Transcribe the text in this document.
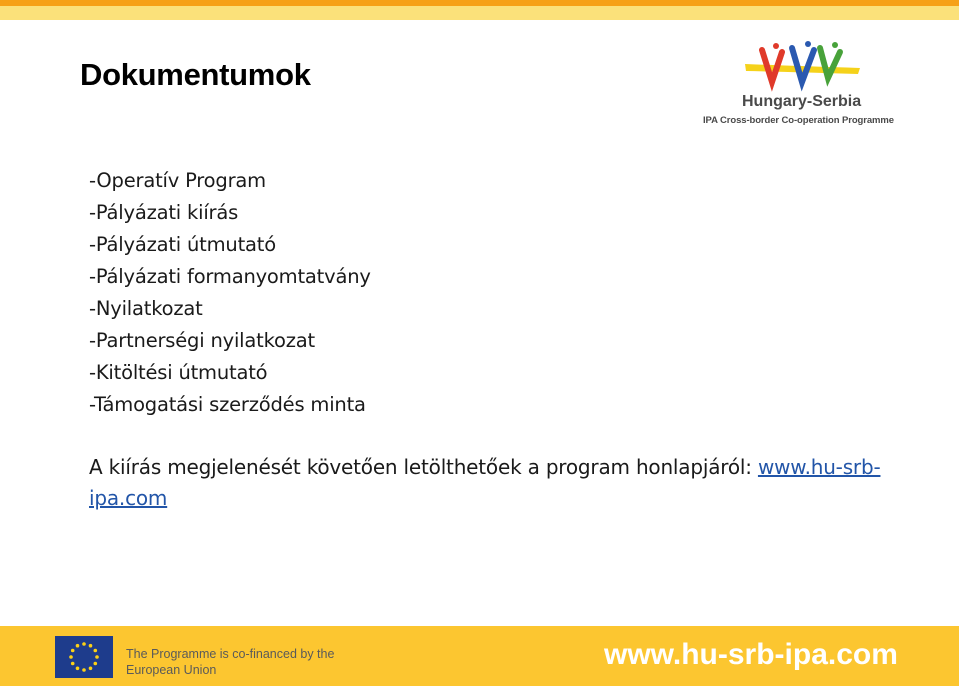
Dokumentumok
Hungary-Serbia
IPA Cross-border Co-operation Programme
-Operatív Program
-Pályázati kiírás
-Pályázati útmutató
-Pályázati formanyomtatvány
-Nyilatkozat
-Partnerségi nyilatkozat
-Kitöltési útmutató
-Támogatási szerződés minta
A kiírás megjelenését követően letölthetőek a program honlapjáról: www.hu-srb-ipa.com
The Programme is co-financed by the European Union	www.hu-srb-ipa.com
